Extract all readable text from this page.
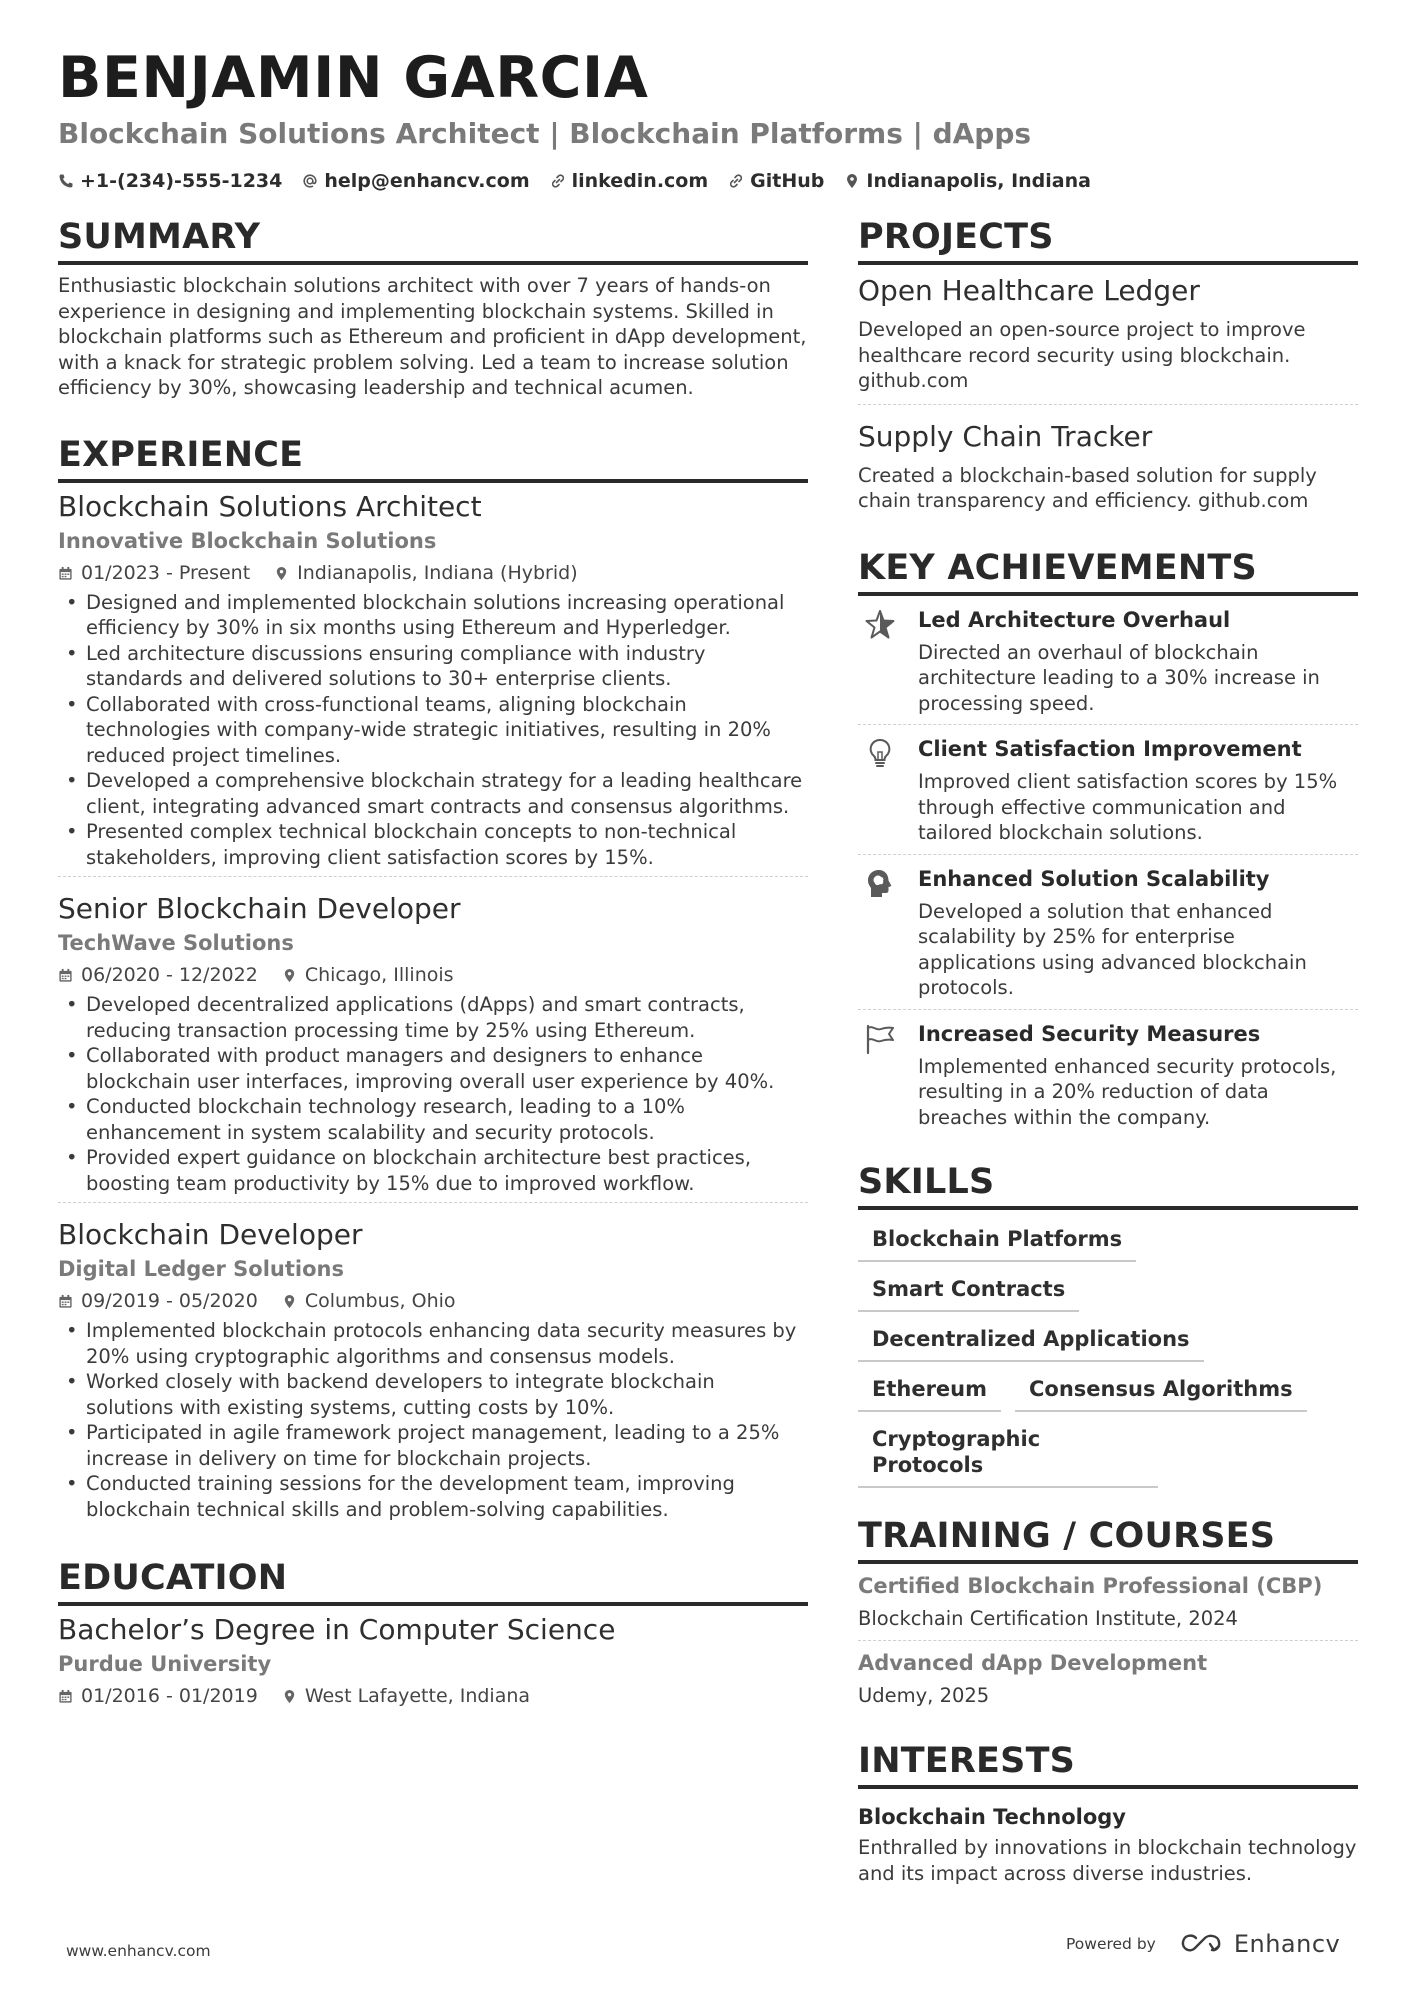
BENJAMIN GARCIA
Blockchain Solutions Architect | Blockchain Platforms | dApps
+1-(234)-555-1234 help@enhancv.com linkedin.com GitHub Indianapolis, Indiana
SUMMARY
Enthusiastic blockchain solutions architect with over 7 years of hands-on experience in designing and implementing blockchain systems. Skilled in blockchain platforms such as Ethereum and proficient in dApp development, with a knack for strategic problem solving. Led a team to increase solution efficiency by 30%, showcasing leadership and technical acumen.
EXPERIENCE
Blockchain Solutions Architect
Innovative Blockchain Solutions
01/2023 - Present Indianapolis, Indiana (Hybrid)
• Designed and implemented blockchain solutions increasing operational efficiency by 30% in six months using Ethereum and Hyperledger.
• Led architecture discussions ensuring compliance with industry standards and delivered solutions to 30+ enterprise clients.
• Collaborated with cross-functional teams, aligning blockchain technologies with company-wide strategic initiatives, resulting in 20% reduced project timelines.
• Developed a comprehensive blockchain strategy for a leading healthcare client, integrating advanced smart contracts and consensus algorithms.
• Presented complex technical blockchain concepts to non-technical stakeholders, improving client satisfaction scores by 15%.
Senior Blockchain Developer
TechWave Solutions
06/2020 - 12/2022 Chicago, Illinois
• Developed decentralized applications (dApps) and smart contracts, reducing transaction processing time by 25% using Ethereum.
• Collaborated with product managers and designers to enhance blockchain user interfaces, improving overall user experience by 40%.
• Conducted blockchain technology research, leading to a 10% enhancement in system scalability and security protocols.
• Provided expert guidance on blockchain architecture best practices, boosting team productivity by 15% due to improved workflow.
Blockchain Developer
Digital Ledger Solutions
09/2019 - 05/2020 Columbus, Ohio
• Implemented blockchain protocols enhancing data security measures by 20% using cryptographic algorithms and consensus models.
• Worked closely with backend developers to integrate blockchain solutions with existing systems, cutting costs by 10%.
• Participated in agile framework project management, leading to a 25% increase in delivery on time for blockchain projects.
• Conducted training sessions for the development team, improving blockchain technical skills and problem-solving capabilities.
EDUCATION
Bachelor’s Degree in Computer Science
Purdue University
01/2016 - 01/2019 West Lafayette, Indiana
PROJECTS
Open Healthcare Ledger
Developed an open-source project to improve healthcare record security using blockchain. github.com
Supply Chain Tracker
Created a blockchain-based solution for supply chain transparency and efficiency. github.com
KEY ACHIEVEMENTS
Led Architecture Overhaul
Directed an overhaul of blockchain architecture leading to a 30% increase in processing speed.
Client Satisfaction Improvement
Improved client satisfaction scores by 15% through effective communication and tailored blockchain solutions.
Enhanced Solution Scalability
Developed a solution that enhanced scalability by 25% for enterprise applications using advanced blockchain protocols.
Increased Security Measures
Implemented enhanced security protocols, resulting in a 20% reduction of data breaches within the company.
SKILLS
Blockchain Platforms
Smart Contracts
Decentralized Applications
Ethereum	Consensus Algorithms
Cryptographic Protocols
TRAINING / COURSES
Certified Blockchain Professional (CBP)
Blockchain Certification Institute, 2024
Advanced dApp Development
Udemy, 2025
INTERESTS
Blockchain Technology
Enthralled by innovations in blockchain technology and its impact across diverse industries.
www.enhancv.com	Powered by	Enhancv
